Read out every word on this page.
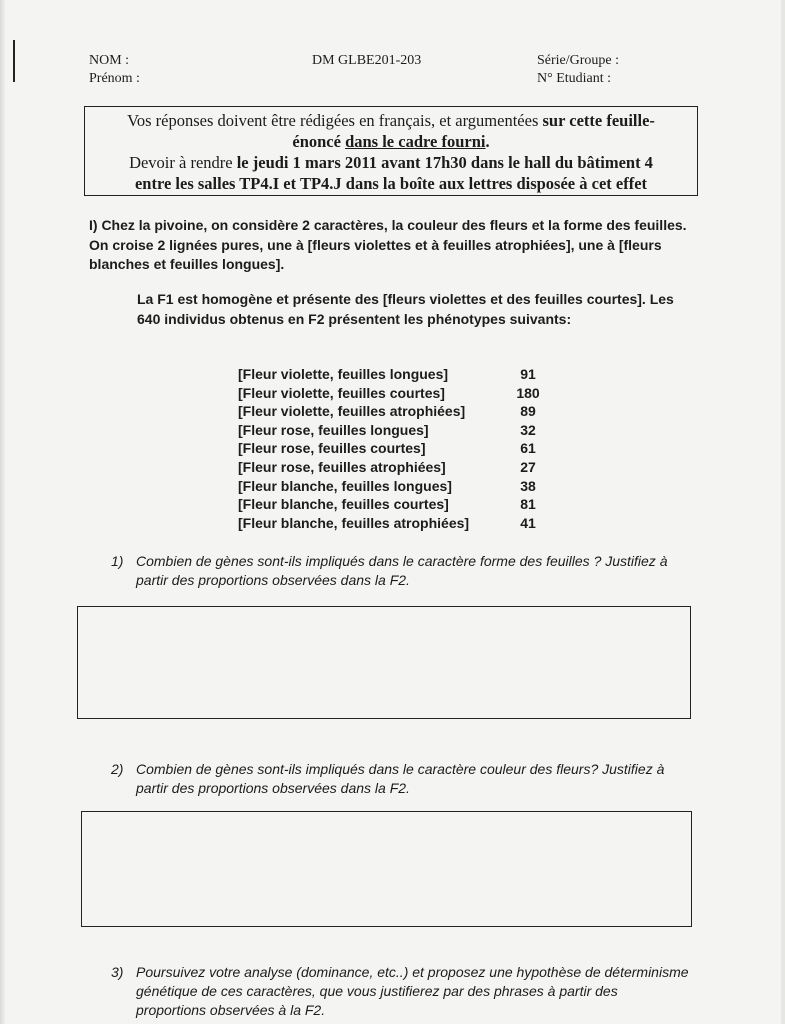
NOM :
Prénom :
DM GLBE201-203	Série/Groupe :
N° Etudiant :
Vos réponses doivent être rédigées en français, et argumentées sur cette feuille-
énoncé dans le cadre fourni.
Devoir à rendre le jeudi 1 mars 2011 avant 17h30 dans le hall du bâtiment 4
entre les salles TP4.I et TP4.J dans la boîte aux lettres disposée à cet effet
I) Chez la pivoine, on considère 2 caractères, la couleur des fleurs et la forme des feuilles. On croise 2 lignées pures, une à [fleurs violettes et à feuilles atrophiées], une à [fleurs blanches et feuilles longues].
La F1 est homogène et présente des [fleurs violettes et des feuilles courtes]. Les 640 individus obtenus en F2 présentent les phénotypes suivants:
[Fleur violette, feuilles longues]	91
[Fleur violette, feuilles courtes]	180
[Fleur violette, feuilles atrophiées]	89
[Fleur rose, feuilles longues]	32
[Fleur rose, feuilles courtes]	61
[Fleur rose, feuilles atrophiées]	27
[Fleur blanche, feuilles longues]	38
[Fleur blanche, feuilles courtes]	81
[Fleur blanche, feuilles atrophiées]	41
1) Combien de gènes sont-ils impliqués dans le caractère forme des feuilles ? Justifiez à partir des proportions observées dans la F2.
2) Combien de gènes sont-ils impliqués dans le caractère couleur des fleurs? Justifiez à partir des proportions observées dans la F2.
3) Poursuivez votre analyse (dominance, etc..) et proposez une hypothèse de déterminisme génétique de ces caractères, que vous justifierez par des phrases à partir des proportions observées à la F2.
